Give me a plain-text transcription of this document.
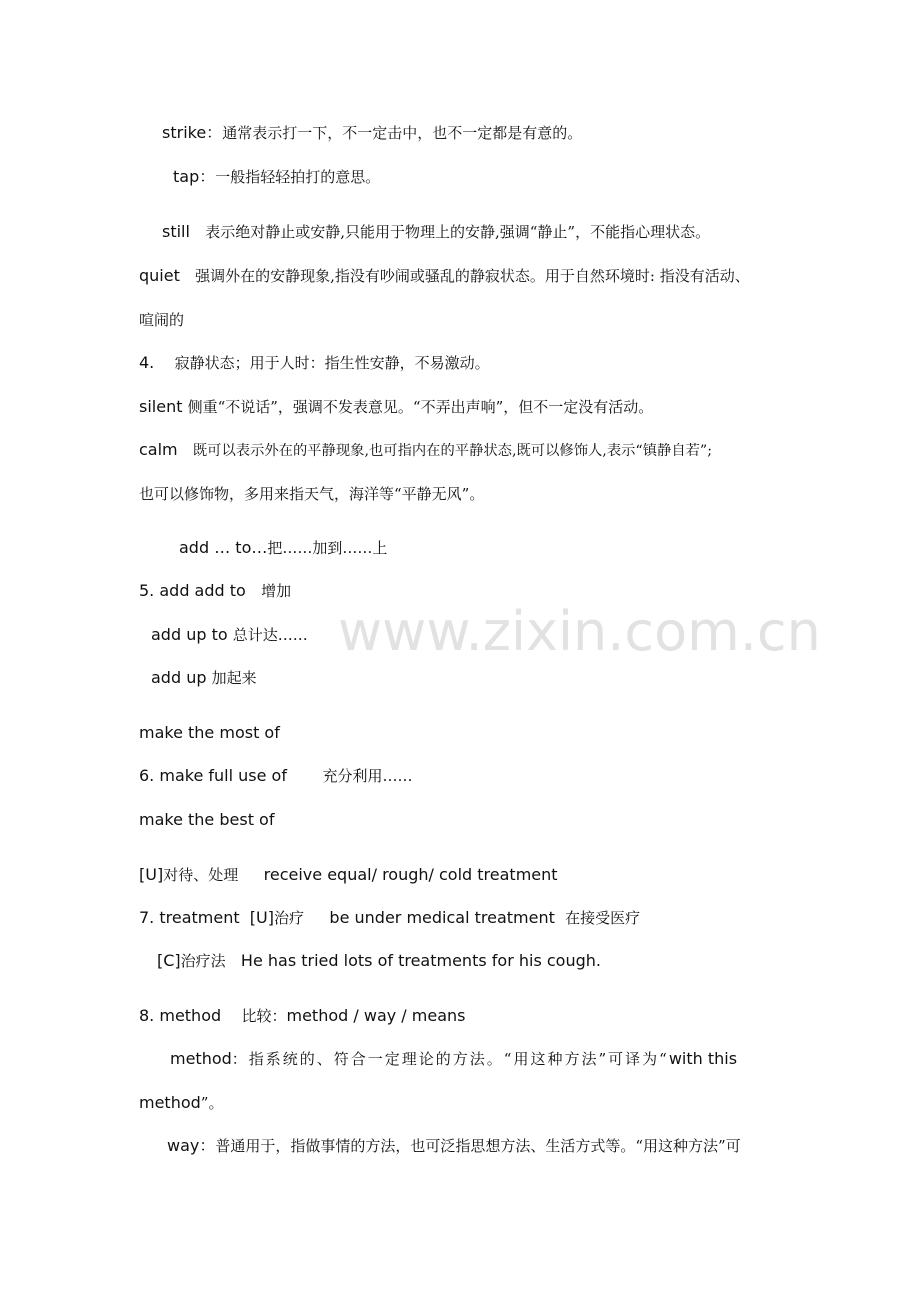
strike：通常表示打一下，不一定击中，也不一定都是有意的。
tap：一般指轻轻拍打的意思。
still   表示绝对静止或安静,只能用于物理上的安静,强调“静止”，不能指心理状态。
quiet   强调外在的安静现象,指没有吵闹或骚乱的静寂状态。用于自然环境时: 指没有活动、
喧闹的
4.    寂静状态；用于人时：指生性安静，不易激动。
silent 侧重“不说话”，强调不发表意见。“不弄出声响”，但不一定没有活动。
calm   既可以表示外在的平静现象,也可指内在的平静状态,既可以修饰人,表示“镇静自若”;
也可以修饰物，多用来指天气，海洋等“平静无风”。
add … to…把……加到……上
5. add add to   增加
add up to 总计达……
add up 加起来
make the most of
6. make full use of       充分利用……
make the best of
[U]对待、处理     receive equal/ rough/ cold treatment
7. treatment  [U]治疗     be under medical treatment  在接受医疗
[C]治疗法   He has tried lots of treatments for his cough.
8. method    比较：method / way / means
method：指系统的、符合一定理论的方法。“用这种方法”可译为“with this
method”。
way：普通用于，指做事情的方法，也可泛指思想方法、生活方式等。“用这种方法”可
www.zixin.com.cn
